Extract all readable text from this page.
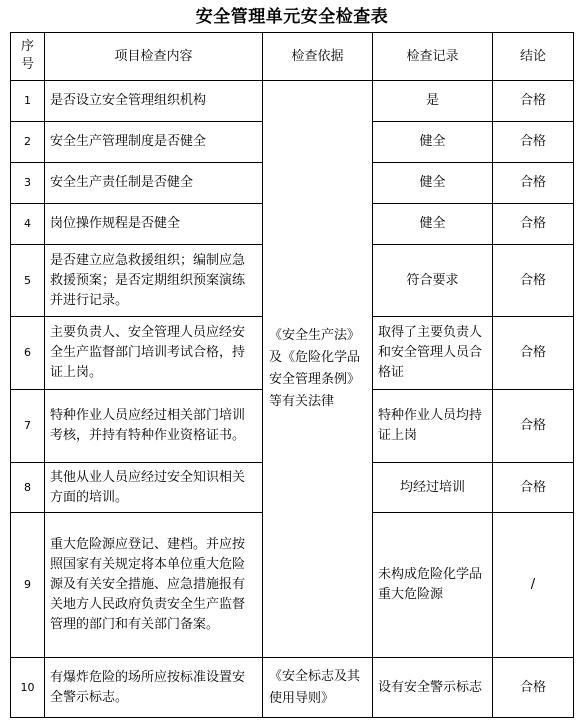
安全管理单元安全检查表
序号	项目检查内容	检查依据	检查记录	结论
1	是否设立安全管理组织机构	《安全生产法》及《危险化学品安全管理条例》等有关法律	是	合格
2	安全生产管理制度是否健全		健全	合格
3	安全生产责任制是否健全		健全	合格
4	岗位操作规程是否健全		健全	合格
5	是否建立应急救援组织；编制应急救援预案；是否定期组织预案演练并进行记录。		符合要求	合格
6	主要负责人、安全管理人员应经安全生产监督部门培训考试合格，持证上岗。		取得了主要负责人和安全管理人员合格证	合格
7	特种作业人员应经过相关部门培训考核，并持有特种作业资格证书。		特种作业人员均持证上岗	合格
8	其他从业人员应经过安全知识相关方面的培训。		均经过培训	合格
9	重大危险源应登记、建档。并应按照国家有关规定将本单位重大危险源及有关安全措施、应急措施报有关地方人民政府负责安全生产监督管理的部门和有关部门备案。		未构成危险化学品重大危险源	/
10	有爆炸危险的场所应按标准设置安全警示标志。	《安全标志及其使用导则》	设有安全警示标志	合格
